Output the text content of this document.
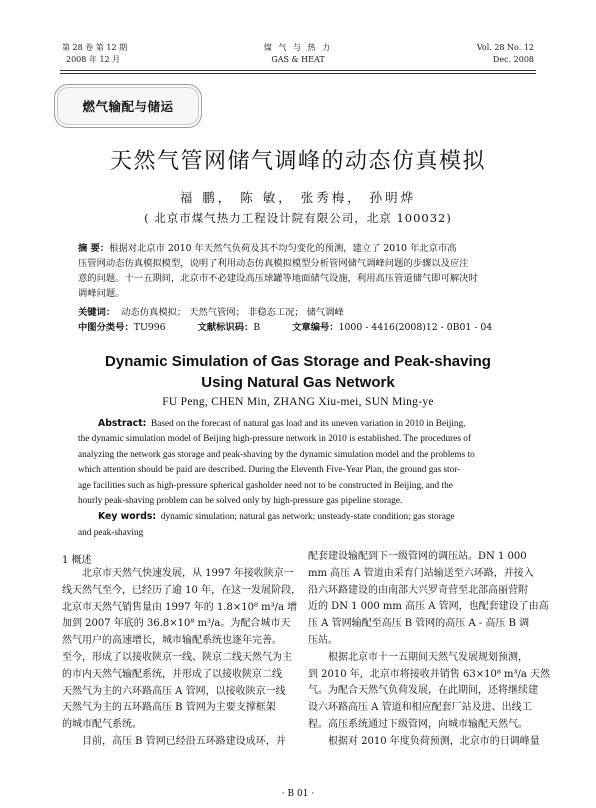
第 28 卷 第 12 期
2008 年 12 月
煤 气 与 热 力
GAS & HEAT
Vol. 28 No. 12
Dec. 2008
燃气输配与储运
天然气管网储气调峰的动态仿真模拟
福 鹏， 陈 敏， 张秀梅， 孙明烨
( 北京市煤气热力工程设计院有限公司，北京 100032)
摘 要：根据对北京市 2010 年天然气负荷及其不均匀变化的预测，建立了 2010 年北京市高
压管网动态仿真模拟模型，说明了利用动态仿真模拟模型分析管网储气调峰问题的步骤以及应注
意的问题。十一五期间，北京市不必建设高压球罐等地面储气设施，利用高压管道储气即可解决时
调峰问题。
关键词： 动态仿真模拟； 天然气管网； 非稳态工况； 储气调峰
中图分类号：TU996	文献标识码：B	文章编号：1000 - 4416(2008)12 - 0B01 - 04
Dynamic Simulation of Gas Storage and Peak-shaving
Using Natural Gas Network
FU Peng, CHEN Min, ZHANG Xiu-mei, SUN Ming-ye
Abstract: Based on the forecast of natural gas load and its uneven variation in 2010 in Beijing,
the dynamic simulation model of Beijing high-pressure network in 2010 is established. The procedures of
analyzing the network gas storage and peak-shaving by the dynamic simulation model and the problems to
which attention should be paid are described. During the Eleventh Five-Year Plan, the ground gas stor-
age facilities such as high-pressure spherical gasholder need not to be constructed in Beijing, and the
hourly peak-shaving problem can be solved only by high-pressure gas pipeline storage.
Key words: dynamic simulation; natural gas network; unsteady-state condition; gas storage
and peak-shaving
1 概述
北京市天然气快速发展，从 1997 年接收陕京一
线天然气至今，已经历了逾 10 年，在这一发展阶段，
北京市天然气销售量由 1997 年的 1.8×10⁸ m³/a 增
加到 2007 年底的 36.8×10⁸ m³/a。为配合城市天
然气用户的高速增长，城市输配系统也逐年完善。
至今，形成了以接收陕京一线、陕京二线天然气为主
的市内天然气输配系统，并形成了以接收陕京二线
天然气为主的六环路高压 A 管网，以接收陕京一线
天然气为主的五环路高压 B 管网为主要支撑框架
的城市配气系统。
目前，高压 B 管网已经沿五环路建设成环，并
配套建设输配到下一级管网的调压站。DN 1 000
mm 高压 A 管道由采育门站输送至六环路，并接入
沿六环路建设的由南部大兴罗奇营至北部高丽营附
近的 DN 1 000 mm 高压 A 管网，也配套建设了由高
压 A 管网输配至高压 B 管网的高压 A - 高压 B 调
压站。
根据北京市十一五期间天然气发展规划预测，
到 2010 年，北京市将接收并销售 63×10⁸ m³/a 天然
气。为配合天然气负荷发展，在此期间，还将继续建
设六环路高压 A 管道和相应配套厂站及进、出线工
程。高压系统通过下级管网，向城市输配天然气。
根据对 2010 年度负荷预测，北京市的日调峰量
· B 01 ·
